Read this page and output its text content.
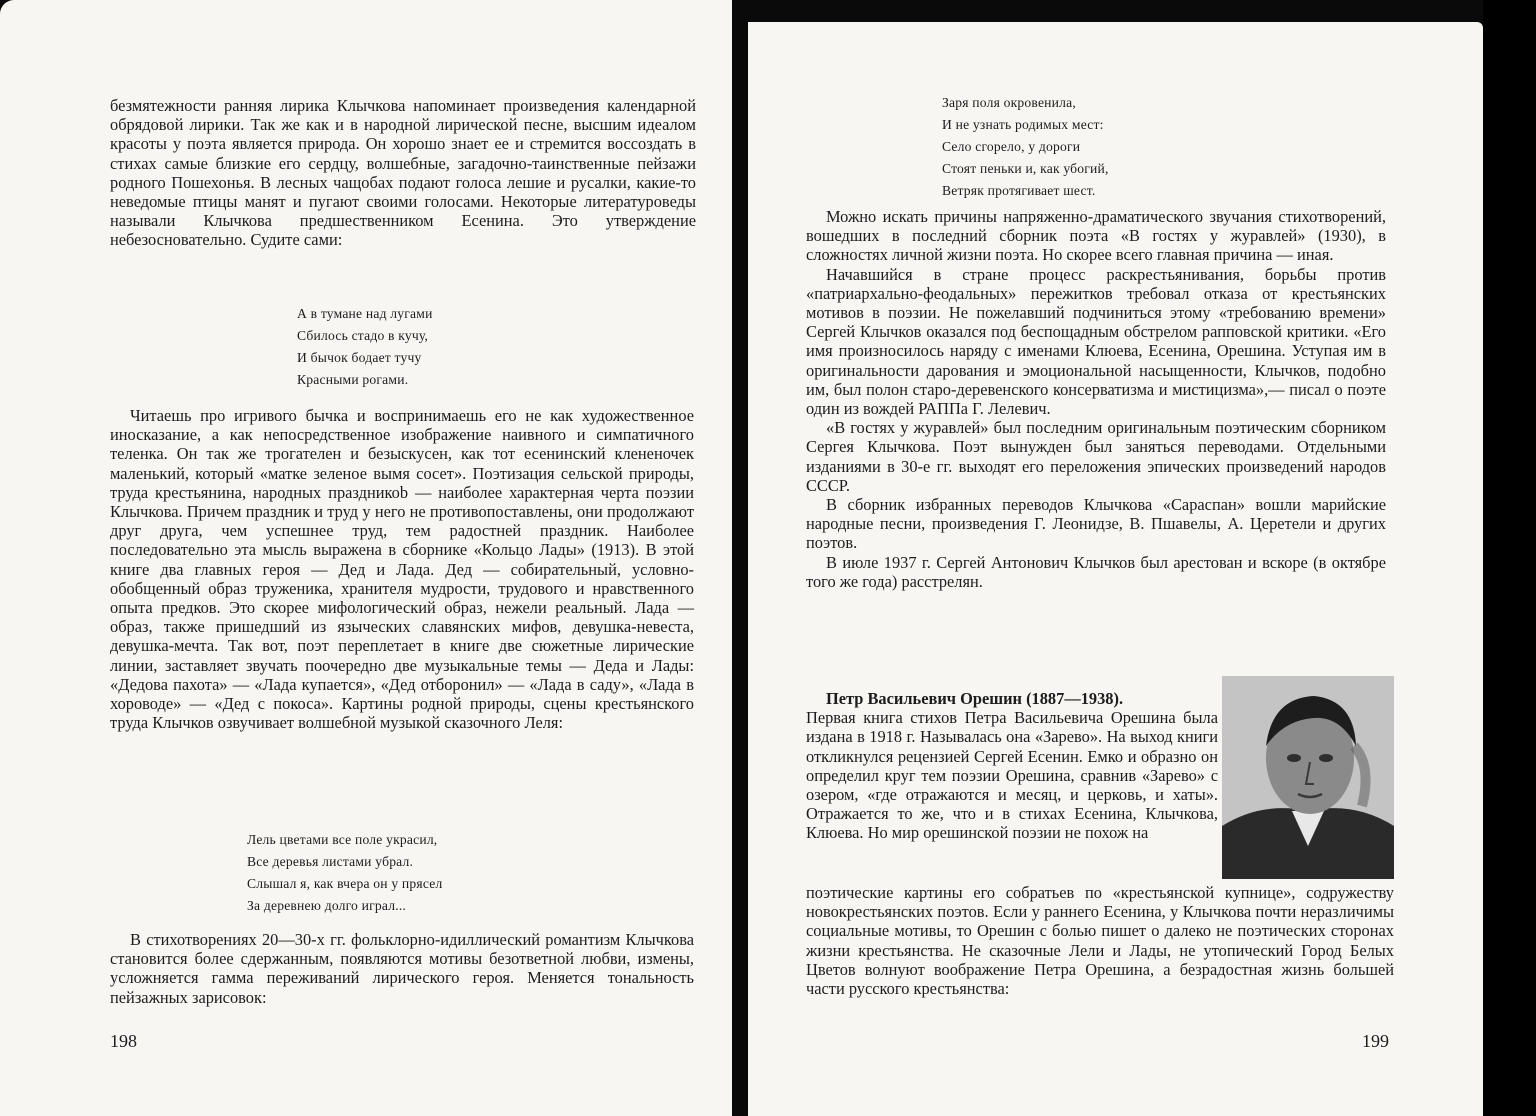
безмятежности ранняя лирика Клычкова напоминает произведения календарной обрядовой лирики. Так же как и в народной лирической песне, высшим идеалом красоты у поэта является природа. Он хорошо знает ее и стремится воссоздать в стихах самые близкие его сердцу, волшебные, загадочно-таинственные пейзажи родного Пошехонья. В лесных чащобах подают голоса лешие и русалки, какие-то неведомые птицы манят и пугают своими голосами. Некоторые литературоведы называли Клычкова предшественником Есенина. Это утверждение небезосновательно. Судите сами:

А в тумане над лугами
Сбилось стадо в кучу,
И бычок бодает тучу
Красными рогами.

Читаешь про игривого бычка и воспринимаешь его не как художественное иносказание, а как непосредственное изображение наивного и симпатичного теленка. Он так же трогателен и безыскусен, как тот есенинский клененочек маленький, который «матке зеленое вымя сосет». Поэтизация сельской природы, труда крестьянина, народных праздникоb — наиболее характерная черта поэзии Клычкова. Причем праздник и труд у него не противопоставлены, они продолжают друг друга, чем успешнее труд, тем радостней праздник. Наиболее последовательно эта мысль выражена в сборнике «Кольцо Лады» (1913). В этой книге два главных героя — Дед и Лада. Дед — собирательный, условно-обобщенный образ труженика, хранителя мудрости, трудового и нравственного опыта предков. Это скорее мифологический образ, нежели реальный. Лада — образ, также пришедший из языческих славянских мифов, девушка-невеста, девушка-мечта. Так вот, поэт переплетает в книге две сюжетные лирические линии, заставляет звучать поочередно две музыкальные темы — Деда и Лады: «Дедова пахота» — «Лада купается», «Дед отборонил» — «Лада в саду», «Лада в хороводе» — «Дед с покоса». Картины родной природы, сцены крестьянского труда Клычков озвучивает волшебной музыкой сказочного Леля:

Лель цветами все поле украсил,
Все деревья листами убрал.
Слышал я, как вчера он у прясел
За деревнею долго играл...

В стихотворениях 20—30-х гг. фольклорно-идиллический романтизм Клычкова становится более сдержанным, появляются мотивы безответной любви, измены, усложняется гамма переживаний лирического героя. Меняется тональность пейзажных зарисовок:

198
Заря поля окровенила,
И не узнать родимых мест:
Село сгорело, у дороги
Стоят пеньки и, как убогий,
Ветряк протягивает шест.

Можно искать причины напряженно-драматического звучания стихотворений, вошедших в последний сборник поэта «В гостях у журавлей» (1930), в сложностях личной жизни поэта. Но скорее всего главная причина — иная.

Начавшийся в стране процесс раскрестьянивания, борьбы против «патриархально-феодальных» пережитков требовал отказа от крестьянских мотивов в поэзии. Не пожелавший подчиниться этому «требованию времени» Сергей Клычков оказался под беспощадным обстрелом рапповской критики. «Его имя произносилось наряду с именами Клюева, Есенина, Орешина. Уступая им в оригинальности дарования и эмоциональной насыщенности, Клычков, подобно им, был полон старо-деревенского консерватизма и мистицизма»,— писал о поэте один из вождей РАППа Г. Лелевич.

«В гостях у журавлей» был последним оригинальным поэтическим сборником Сергея Клычкова. Поэт вынужден был заняться переводами. Отдельными изданиями в 30-е гг. выходят его переложения эпических произведений народов СССР.

В сборник избранных переводов Клычкова «Сараспан» вошли марийские народные песни, произведения Г. Леонидзе, В. Пшавелы, А. Церетели и других поэтов.

В июле 1937 г. Сергей Антонович Клычков был арестован и вскоре (в октябре того же года) расстрелян.

Петр Васильевич Орешин (1887—1938).

Первая книга стихов Петра Васильевича Орешина была издана в 1918 г. Называлась она «Зарево». На выход книги откликнулся рецензией Сергей Есенин. Емко и образно он определил круг тем поэзии Орешина, сравнив «Зарево» с озером, «где отражаются и месяц, и церковь, и хаты». Отражается то же, что и в стихах Есенина, Клычкова, Клюева. Но мир орешинской поэзии не похож на

поэтические картины его собратьев по «крестьянской купнице», содружеству новокрестьянских поэтов. Если у раннего Есенина, у Клычкова почти неразличимы социальные мотивы, то Орешин с болью пишет о далеко не поэтических сторонах жизни крестьянства. Не сказочные Лели и Лады, не утопический Город Белых Цветов волнуют воображение Петра Орешина, а безрадостная жизнь большей части русского крестьянства:

199
